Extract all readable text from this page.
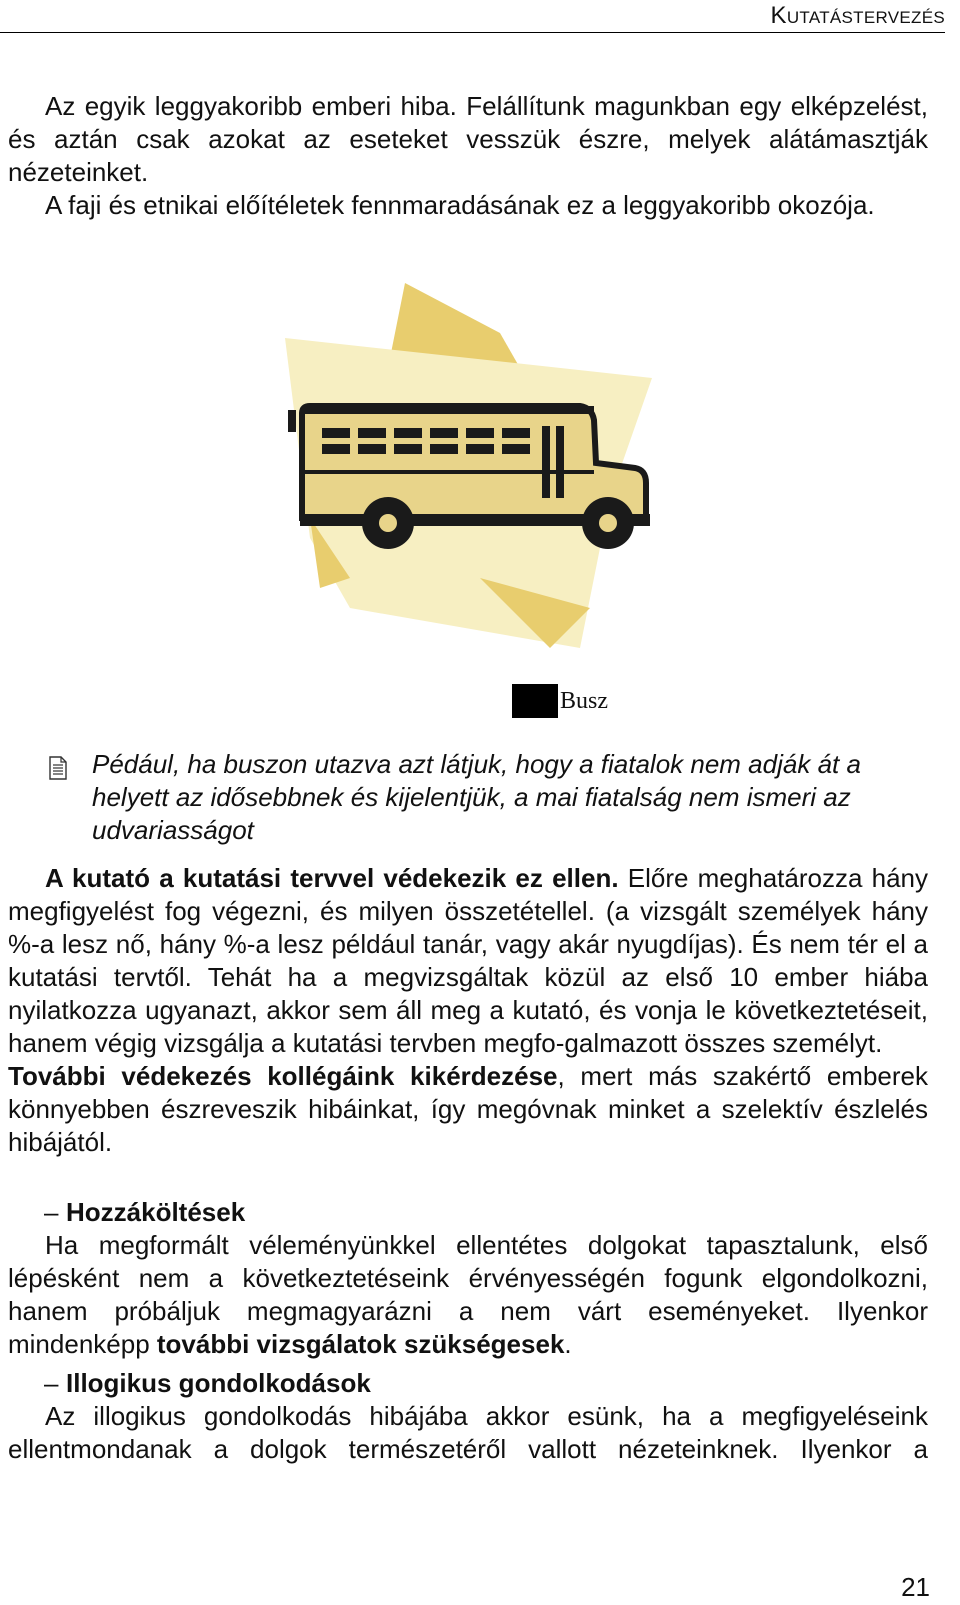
Kutatástervezés

Az egyik leggyakoribb emberi hiba. Felállítunk magunkban egy elképzelést, és aztán csak azokat az eseteket vesszük észre, melyek alátámasztják nézeteinket.

A faji és etnikai előítéletek fennmaradásának ez a leggyakoribb okozója.

Busz
Pédául, ha buszon utazva azt látjuk, hogy a fiatalok nem adják át a helyett az idősebbnek és kijelentjük, a mai fiatalság nem ismeri az udvariasságot

A kutató a kutatási tervvel védekezik ez ellen. Előre meghatározza hány megfigyelést fog végezni, és milyen összetétellel. (a vizsgált személyek hány %-a lesz nő, hány %-a lesz például tanár, vagy akár nyugdíjas). És nem tér el a kutatási tervtől. Tehát ha a megvizsgáltak közül az első 10 ember hiába nyilatkozza ugyanazt, akkor sem áll meg a kutató, és vonja le következtetéseit, hanem végig vizsgálja a kutatási tervben megfo-galmazott összes személyt.
További védekezés kollégáink kikérdezése, mert más szakértő emberek könnyebben észreveszik hibáinkat, így megóvnak minket a szelektív észlelés hibájától.

– Hozzáköltések

Ha megformált véleményünkkel ellentétes dolgokat tapasztalunk, első lépésként nem a következtetéseink érvényességén fogunk elgondolkozni, hanem próbáljuk megmagyarázni a nem várt eseményeket. Ilyenkor mindenképp további vizsgálatok szükségesek.

– Illogikus gondolkodások

Az illogikus gondolkodás hibájába akkor esünk, ha a megfigyeléseink ellentmondanak a dolgok természetéről vallott nézeteinknek. Ilyenkor a

21
